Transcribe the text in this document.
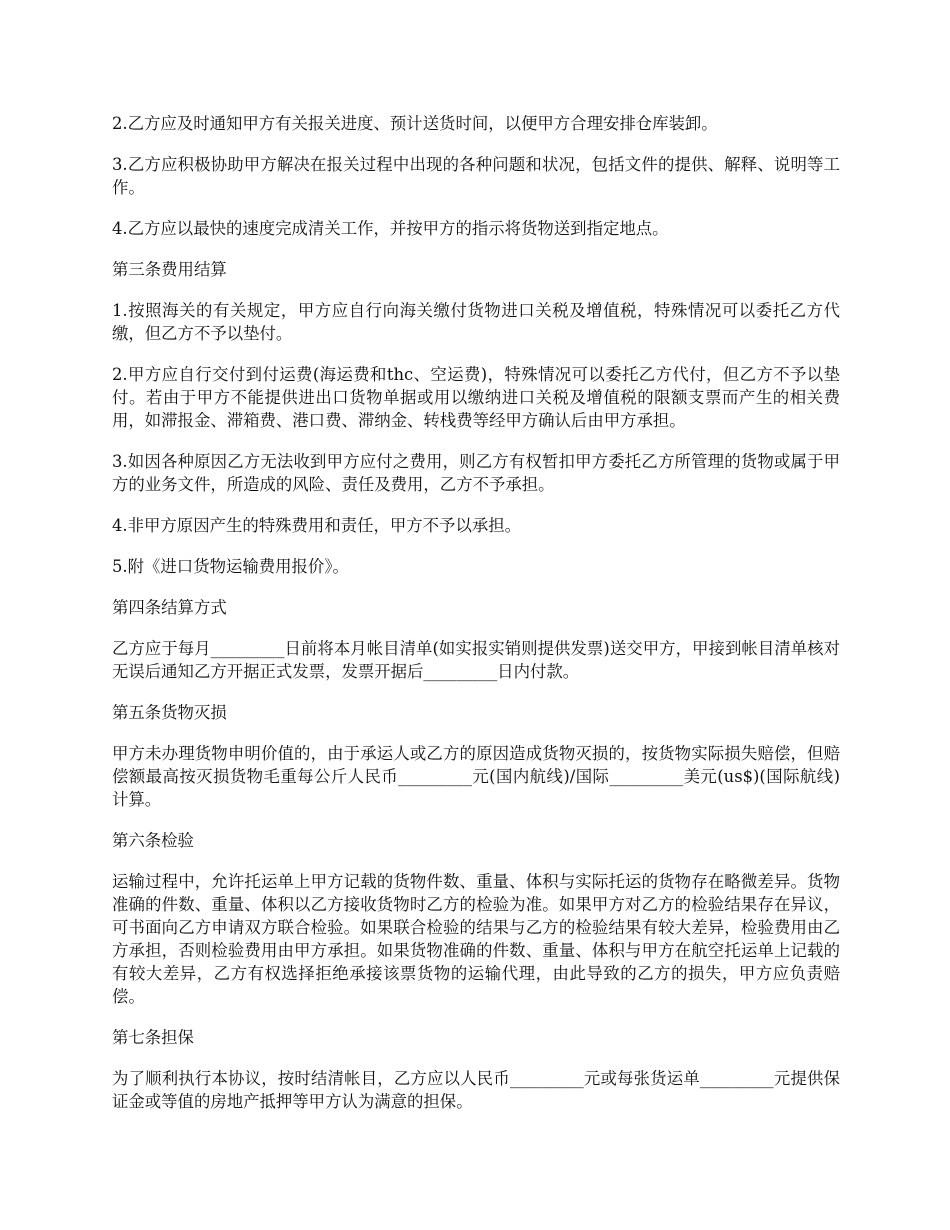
2.乙方应及时通知甲方有关报关进度、预计送货时间，以便甲方合理安排仓库装卸。

3.乙方应积极协助甲方解决在报关过程中出现的各种问题和状况，包括文件的提供、解释、说明等工作。

4.乙方应以最快的速度完成清关工作，并按甲方的指示将货物送到指定地点。

第三条费用结算

1.按照海关的有关规定，甲方应自行向海关缴付货物进口关税及增值税，特殊情况可以委托乙方代缴，但乙方不予以垫付。

2.甲方应自行交付到付运费(海运费和thc、空运费)，特殊情况可以委托乙方代付，但乙方不予以垫付。若由于甲方不能提供进出口货物单据或用以缴纳进口关税及增值税的限额支票而产生的相关费用，如滞报金、滞箱费、港口费、滞纳金、转栈费等经甲方确认后由甲方承担。

3.如因各种原因乙方无法收到甲方应付之费用，则乙方有权暂扣甲方委托乙方所管理的货物或属于甲方的业务文件，所造成的风险、责任及费用，乙方不予承担。

4.非甲方原因产生的特殊费用和责任，甲方不予以承担。

5.附《进口货物运输费用报价》。

第四条结算方式

乙方应于每月_________日前将本月帐目清单(如实报实销则提供发票)送交甲方，甲接到帐目清单核对无误后通知乙方开据正式发票，发票开据后_________日内付款。

第五条货物灭损

甲方未办理货物申明价值的，由于承运人或乙方的原因造成货物灭损的，按货物实际损失赔偿，但赔偿额最高按灭损货物毛重每公斤人民币_________元(国内航线)/国际_________美元(us$)(国际航线)计算。

第六条检验

运输过程中，允许托运单上甲方记载的货物件数、重量、体积与实际托运的货物存在略微差异。货物准确的件数、重量、体积以乙方接收货物时乙方的检验为准。如果甲方对乙方的检验结果存在异议，可书面向乙方申请双方联合检验。如果联合检验的结果与乙方的检验结果有较大差异，检验费用由乙方承担，否则检验费用由甲方承担。如果货物准确的件数、重量、体积与甲方在航空托运单上记载的有较大差异，乙方有权选择拒绝承接该票货物的运输代理，由此导致的乙方的损失，甲方应负责赔偿。

第七条担保

为了顺利执行本协议，按时结清帐目，乙方应以人民币_________元或每张货运单_________元提供保证金或等值的房地产抵押等甲方认为满意的担保。
